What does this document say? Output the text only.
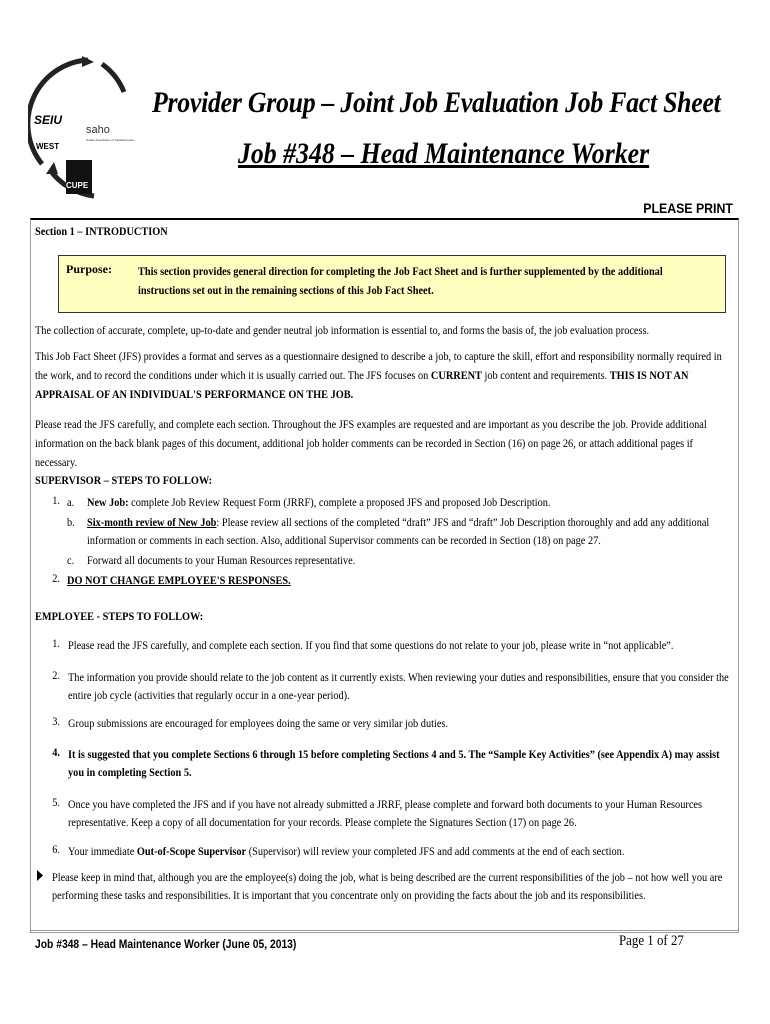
SEIU
WEST
saho
Health Association of Saskatchewan
CUPE
Provider Group – Joint Job Evaluation Job Fact Sheet
Job #348 – Head Maintenance Worker
PLEASE PRINT
Section 1 – INTRODUCTION
Purpose: This section provides general direction for completing the Job Fact Sheet and is further supplemented by the additional instructions set out in the remaining sections of this Job Fact Sheet.
The collection of accurate, complete, up-to-date and gender neutral job information is essential to, and forms the basis of, the job evaluation process.
This Job Fact Sheet (JFS) provides a format and serves as a questionnaire designed to describe a job, to capture the skill, effort and responsibility normally required in the work, and to record the conditions under which it is usually carried out. The JFS focuses on CURRENT job content and requirements. THIS IS NOT AN APPRAISAL OF AN INDIVIDUAL'S PERFORMANCE ON THE JOB.
Please read the JFS carefully, and complete each section. Throughout the JFS examples are requested and are important as you describe the job. Provide additional information on the back blank pages of this document, additional job holder comments can be recorded in Section (16) on page 26, or attach additional pages if necessary.
SUPERVISOR – STEPS TO FOLLOW:
1. a. New Job: complete Job Review Request Form (JRRF), complete a proposed JFS and proposed Job Description.
b. Six-month review of New Job: Please review all sections of the completed “draft” JFS and “draft” Job Description thoroughly and add any additional information or comments in each section. Also, additional Supervisor comments can be recorded in Section (18) on page 27.
c. Forward all documents to your Human Resources representative.
2. DO NOT CHANGE EMPLOYEE'S RESPONSES.
EMPLOYEE - STEPS TO FOLLOW:
1. Please read the JFS carefully, and complete each section. If you find that some questions do not relate to your job, please write in “not applicable”.
2. The information you provide should relate to the job content as it currently exists. When reviewing your duties and responsibilities, ensure that you consider the entire job cycle (activities that regularly occur in a one-year period).
3. Group submissions are encouraged for employees doing the same or very similar job duties.
4. It is suggested that you complete Sections 6 through 15 before completing Sections 4 and 5. The “Sample Key Activities” (see Appendix A) may assist you in completing Section 5.
5. Once you have completed the JFS and if you have not already submitted a JRRF, please complete and forward both documents to your Human Resources representative. Keep a copy of all documentation for your records. Please complete the Signatures Section (17) on page 26.
6. Your immediate Out-of-Scope Supervisor (Supervisor) will review your completed JFS and add comments at the end of each section.
Please keep in mind that, although you are the employee(s) doing the job, what is being described are the current responsibilities of the job – not how well you are performing these tasks and responsibilities. It is important that you concentrate only on providing the facts about the job and its responsibilities.
Job #348 – Head Maintenance Worker (June 05, 2013)	Page 1 of 27
